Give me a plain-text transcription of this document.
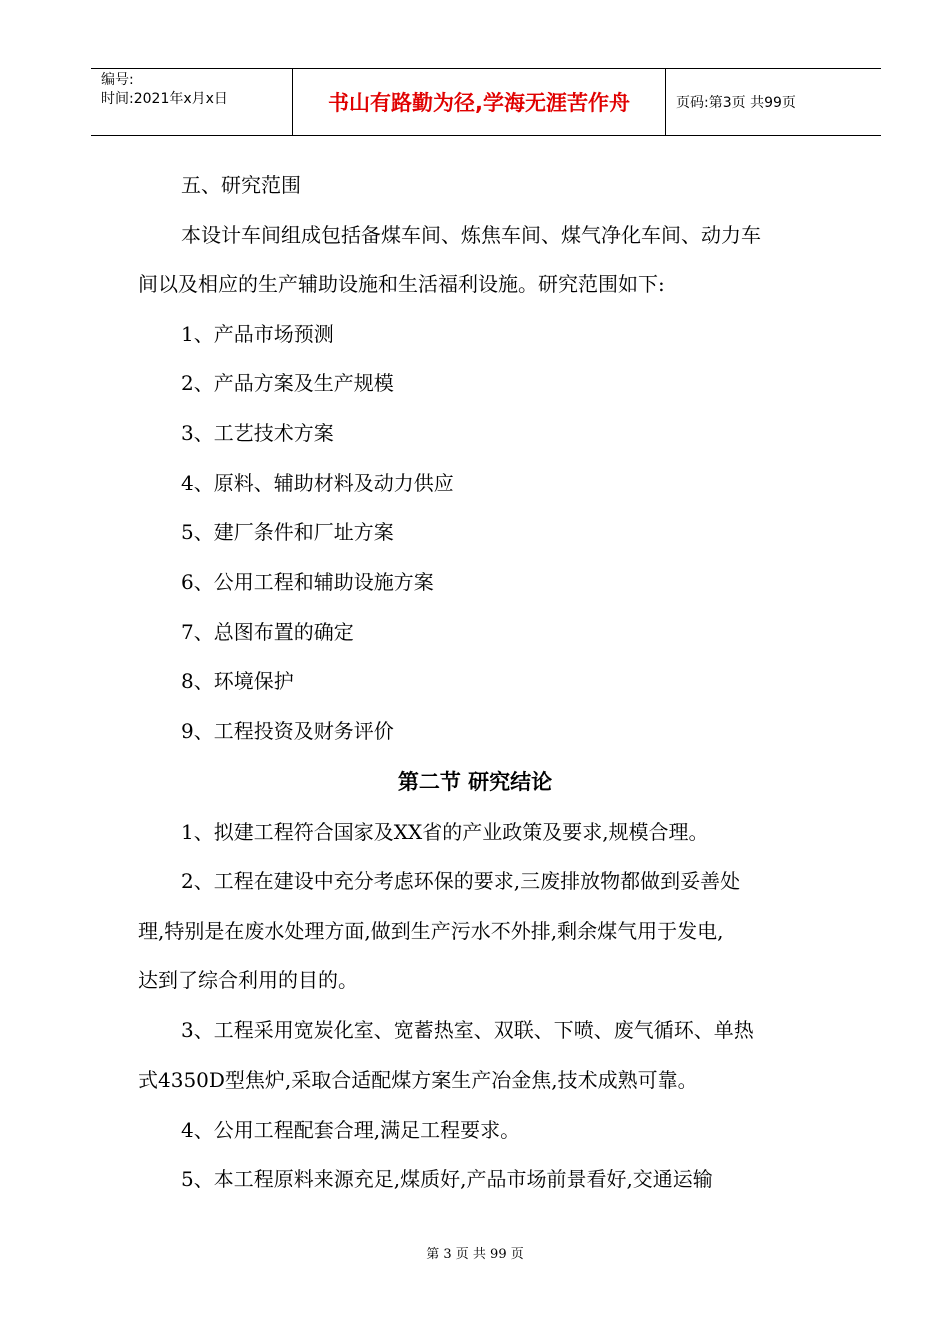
编号:
时间:2021年x月x日	书山有路勤为径,学海无涯苦作舟	页码:第3页 共99页
五、研究范围
本设计车间组成包括备煤车间、炼焦车间、煤气净化车间、动力车
间以及相应的生产辅助设施和生活福利设施。研究范围如下:
1、产品市场预测
2、产品方案及生产规模
3、工艺技术方案
4、原料、辅助材料及动力供应
5、建厂条件和厂址方案
6、公用工程和辅助设施方案
7、总图布置的确定
8、环境保护
9、工程投资及财务评价
第二节 研究结论
1、拟建工程符合国家及XX省的产业政策及要求,规模合理。
2、工程在建设中充分考虑环保的要求,三废排放物都做到妥善处
理,特别是在废水处理方面,做到生产污水不外排,剩余煤气用于发电,
达到了综合利用的目的。
3、工程采用宽炭化室、宽蓄热室、双联、下喷、废气循环、单热
式4350D型焦炉,采取合适配煤方案生产冶金焦,技术成熟可靠。
4、公用工程配套合理,满足工程要求。
5、本工程原料来源充足,煤质好,产品市场前景看好,交通运输
第 3 页 共 99 页
